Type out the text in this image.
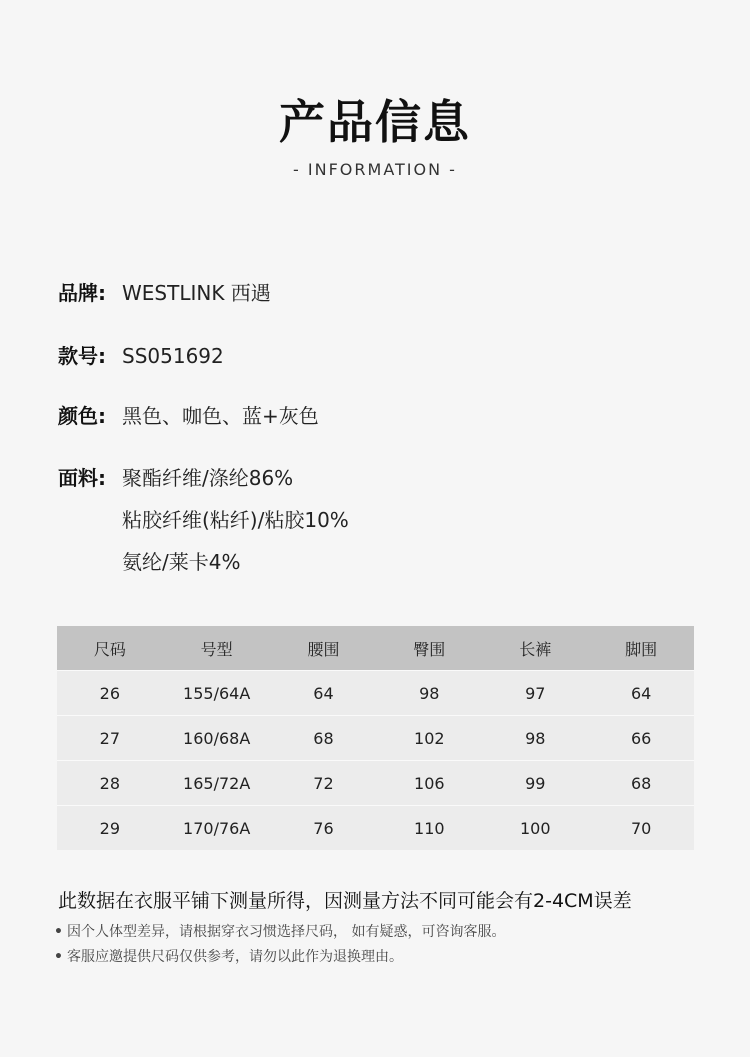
产品信息
- INFORMATION -
品牌: WESTLINK 西遇
款号: SS051692
颜色: 黑色、咖色、蓝+灰色
面料: 聚酯纤维/涤纶86%
粘胶纤维(粘纤)/粘胶10%
氨纶/莱卡4%
尺码	号型	腰围	臀围	长裤	脚围
26	155/64A	64	98	97	64
27	160/68A	68	102	98	66
28	165/72A	72	106	99	68
29	170/76A	76	110	100	70
此数据在衣服平铺下测量所得，因测量方法不同可能会有2-4CM误差
• 因个人体型差异，请根据穿衣习惯选择尺码， 如有疑惑，可咨询客服。
• 客服应邀提供尺码仅供参考，请勿以此作为退换理由。
